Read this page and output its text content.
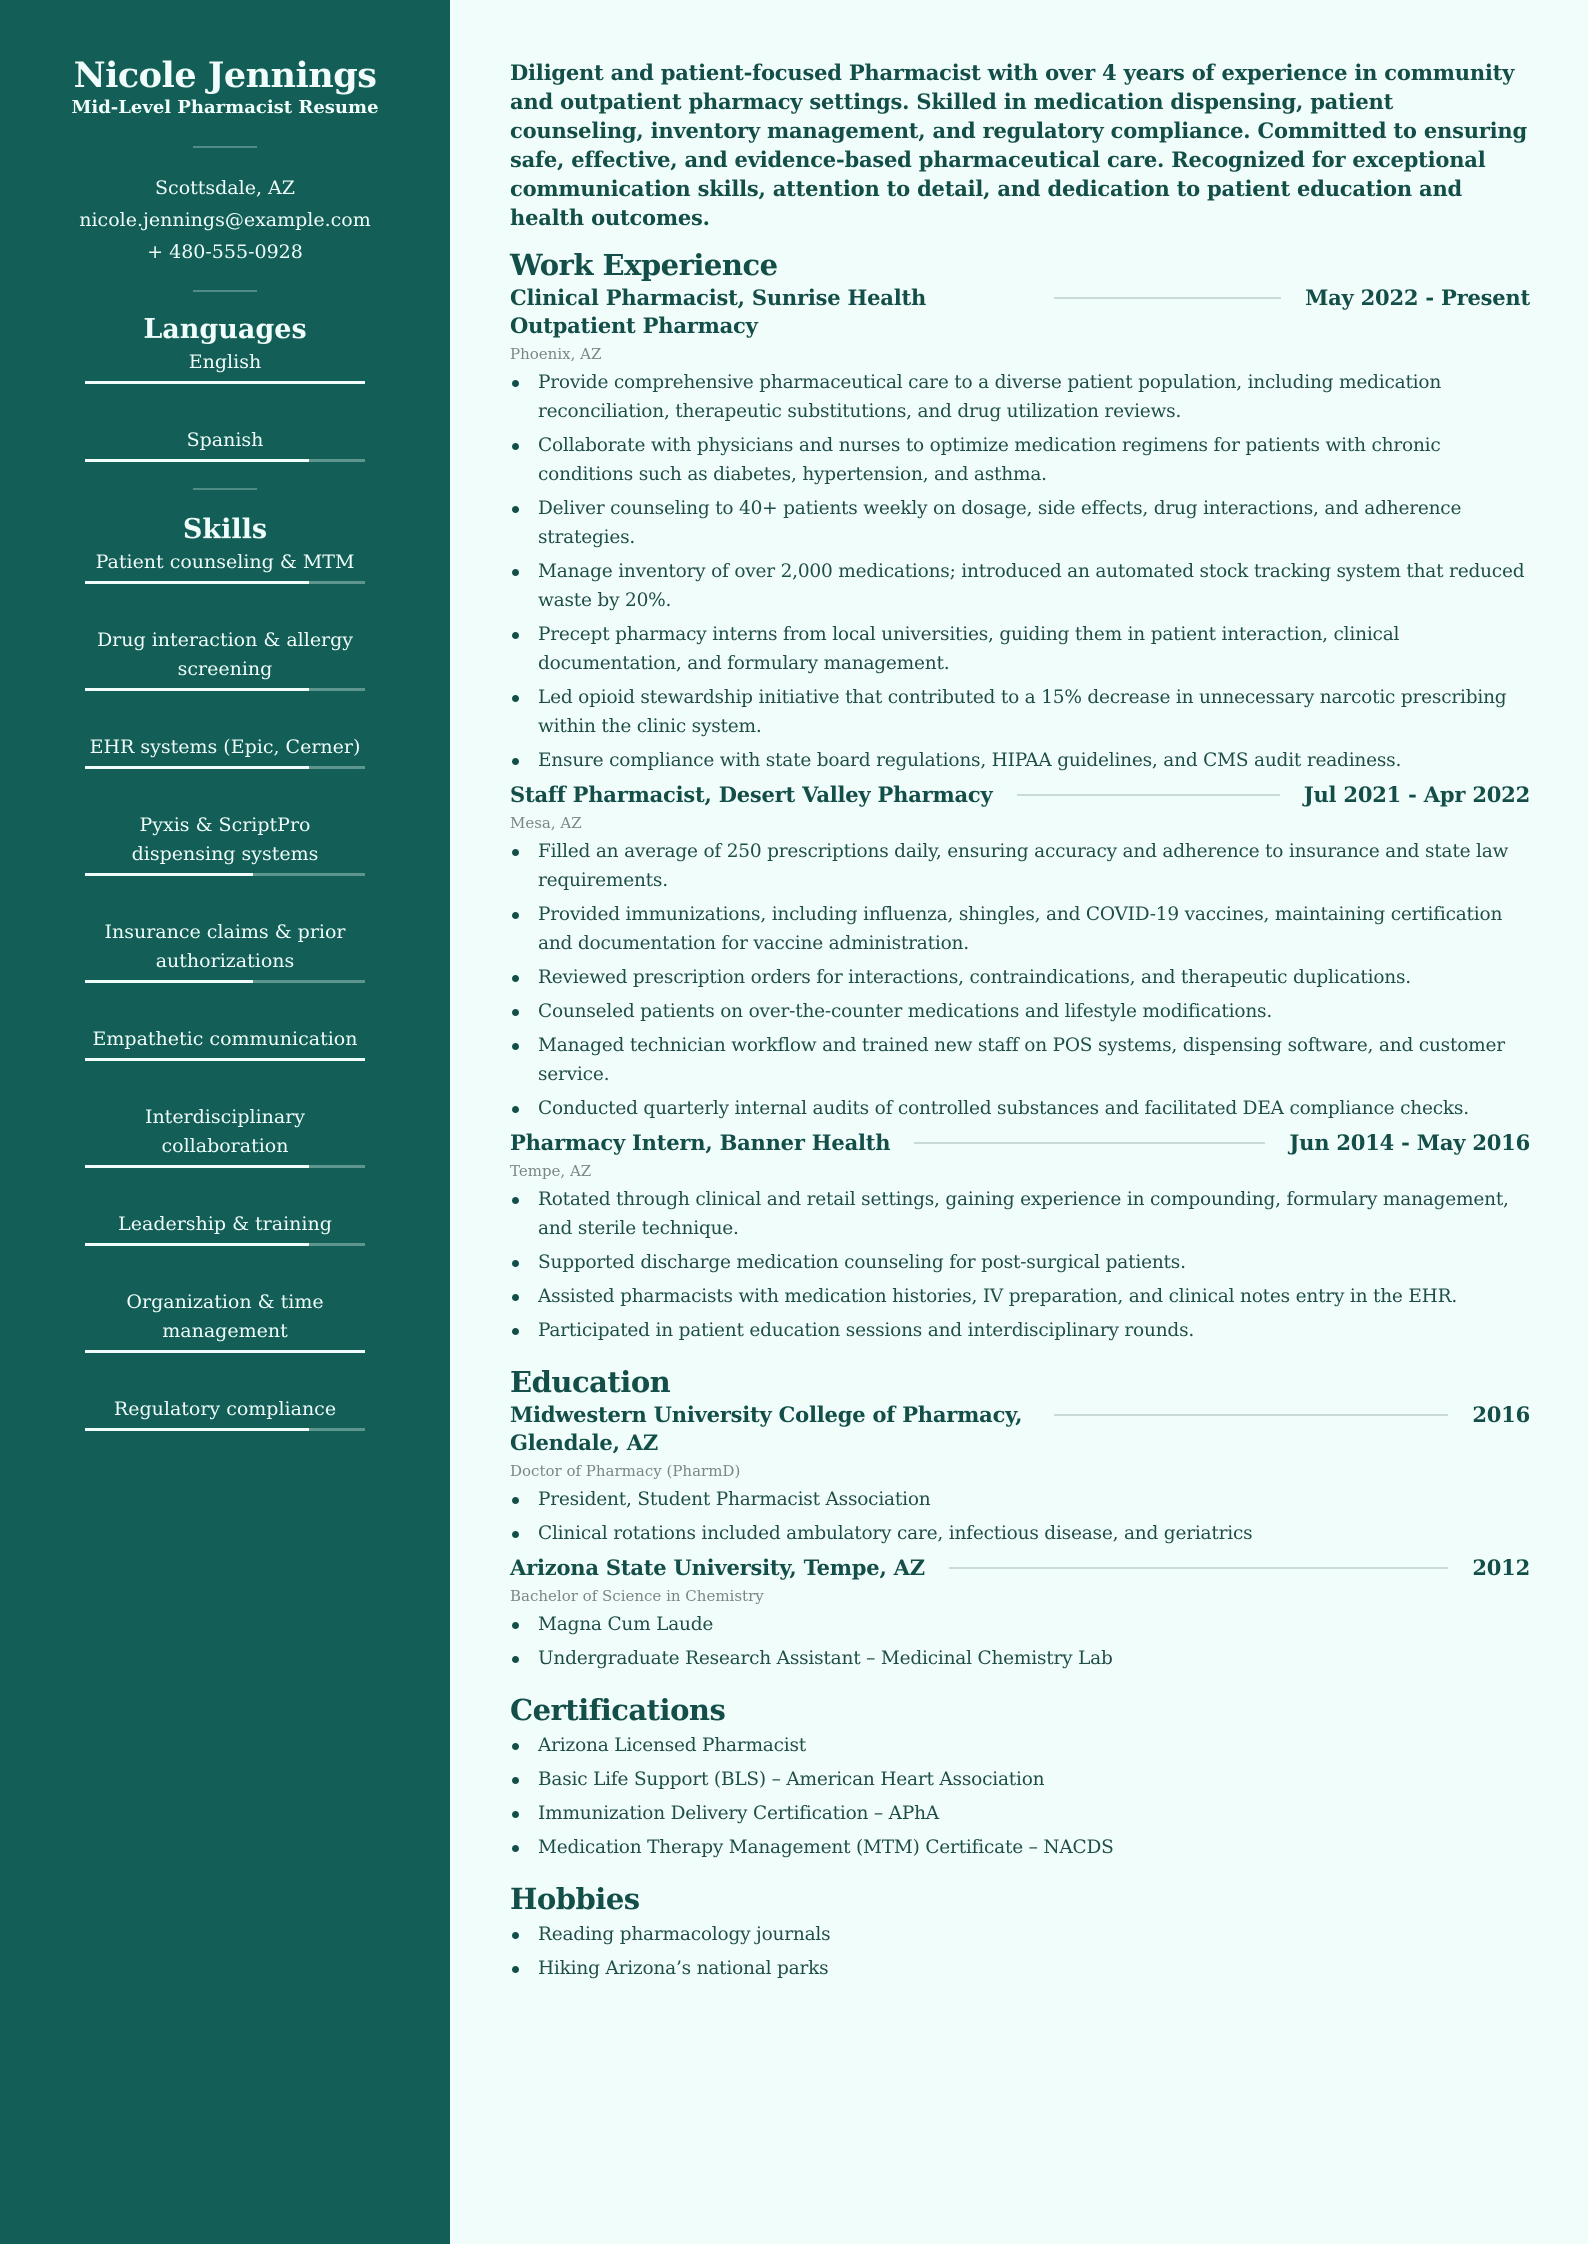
Nicole Jennings
Mid-Level Pharmacist Resume
Scottsdale, AZ
nicole.jennings@example.com
+ 480-555-0928
Languages
English
Spanish
Skills
Patient counseling & MTM
Drug interaction & allergy screening
EHR systems (Epic, Cerner)
Pyxis & ScriptPro dispensing systems
Insurance claims & prior authorizations
Empathetic communication
Interdisciplinary collaboration
Leadership & training
Organization & time management
Regulatory compliance

Diligent and patient-focused Pharmacist with over 4 years of experience in community and outpatient pharmacy settings. Skilled in medication dispensing, patient counseling, inventory management, and regulatory compliance. Committed to ensuring safe, effective, and evidence-based pharmaceutical care. Recognized for exceptional communication skills, attention to detail, and dedication to patient education and health outcomes.

Work Experience
Clinical Pharmacist, Sunrise Health Outpatient Pharmacy
May 2022 - Present
Phoenix, AZ
Provide comprehensive pharmaceutical care to a diverse patient population, including medication reconciliation, therapeutic substitutions, and drug utilization reviews.
Collaborate with physicians and nurses to optimize medication regimens for patients with chronic conditions such as diabetes, hypertension, and asthma.
Deliver counseling to 40+ patients weekly on dosage, side effects, drug interactions, and adherence strategies.
Manage inventory of over 2,000 medications; introduced an automated stock tracking system that reduced waste by 20%.
Precept pharmacy interns from local universities, guiding them in patient interaction, clinical documentation, and formulary management.
Led opioid stewardship initiative that contributed to a 15% decrease in unnecessary narcotic prescribing within the clinic system.
Ensure compliance with state board regulations, HIPAA guidelines, and CMS audit readiness.
Staff Pharmacist, Desert Valley Pharmacy	Jul 2021 - Apr 2022
Mesa, AZ
Filled an average of 250 prescriptions daily, ensuring accuracy and adherence to insurance and state law requirements.
Provided immunizations, including influenza, shingles, and COVID-19 vaccines, maintaining certification and documentation for vaccine administration.
Reviewed prescription orders for interactions, contraindications, and therapeutic duplications.
Counseled patients on over-the-counter medications and lifestyle modifications.
Managed technician workflow and trained new staff on POS systems, dispensing software, and customer service.
Conducted quarterly internal audits of controlled substances and facilitated DEA compliance checks.
Pharmacy Intern, Banner Health	Jun 2014 - May 2016
Tempe, AZ
Rotated through clinical and retail settings, gaining experience in compounding, formulary management, and sterile technique.
Supported discharge medication counseling for post-surgical patients.
Assisted pharmacists with medication histories, IV preparation, and clinical notes entry in the EHR.
Participated in patient education sessions and interdisciplinary rounds.
Education
Midwestern University College of Pharmacy, Glendale, AZ
2016
Doctor of Pharmacy (PharmD)
President, Student Pharmacist Association
Clinical rotations included ambulatory care, infectious disease, and geriatrics
Arizona State University, Tempe, AZ	2012
Bachelor of Science in Chemistry
Magna Cum Laude
Undergraduate Research Assistant – Medicinal Chemistry Lab
Certifications
Arizona Licensed Pharmacist
Basic Life Support (BLS) – American Heart Association
Immunization Delivery Certification – APhA
Medication Therapy Management (MTM) Certificate – NACDS
Hobbies
Reading pharmacology journals
Hiking Arizona’s national parks
